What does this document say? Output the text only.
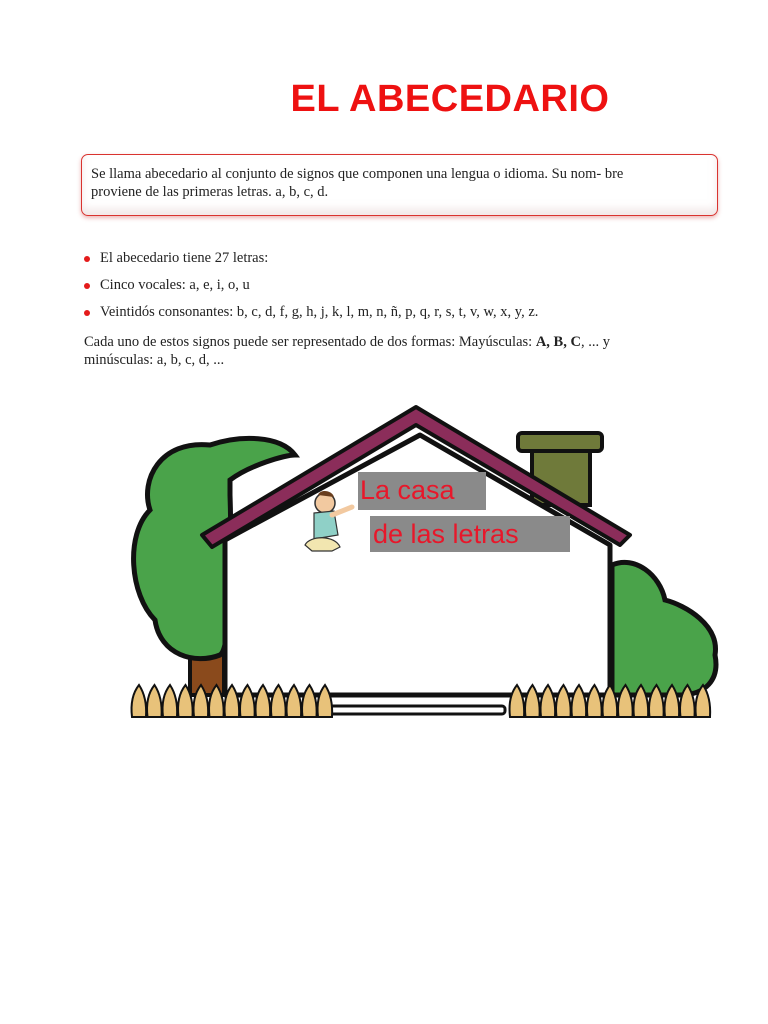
EL ABECEDARIO
Se llama abecedario al conjunto de signos que componen una lengua o idioma. Su nom- bre
proviene de las primeras letras. a, b, c, d.
El abecedario tiene 27 letras:
Cinco vocales: a, e, i, o, u
Veintidós consonantes: b, c, d, f, g, h, j, k, l, m, n, ñ, p, q, r, s, t, v, w, x, y, z.

Cada uno de estos signos puede ser representado de dos formas: Mayúsculas: A, B, C, ... y
minúsculas: a, b, c, d, ...

La casa
de las letras
